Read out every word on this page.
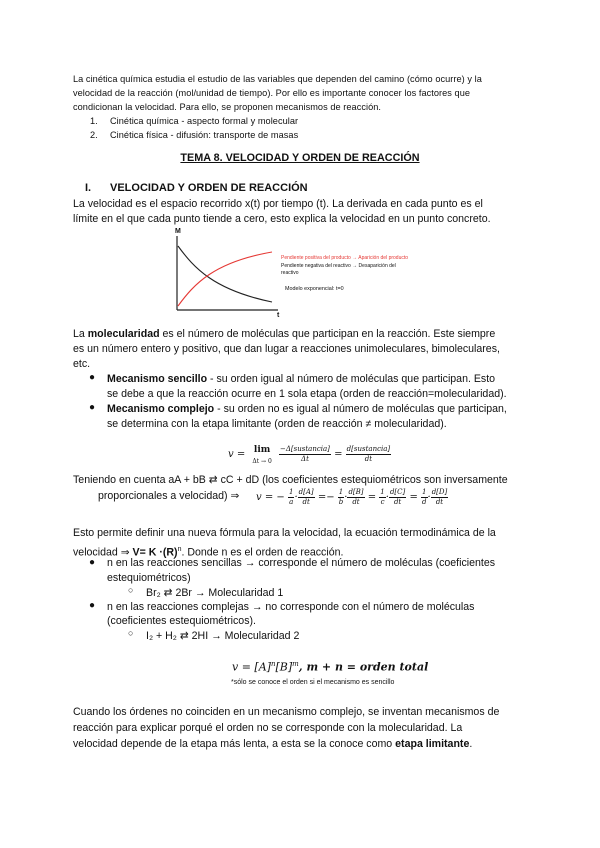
La cinética química estudia el estudio de las variables que dependen del camino (cómo ocurre) y la
velocidad de la reacción (mol/unidad de tiempo). Por ello es importante conocer los factores que
condicionan la velocidad. Para ello, se proponen mecanismos de reacción.
1. Cinética química - aspecto formal y molecular
2. Cinética física - difusión: transporte de masas
TEMA 8. VELOCIDAD Y ORDEN DE REACCIÓN
I. VELOCIDAD Y ORDEN DE REACCIÓN
La velocidad es el espacio recorrido x(t) por tiempo (t). La derivada en cada punto es el
límite en el que cada punto tiende a cero, esto explica la velocidad en un punto concreto.
M
t
Pendiente positiva del producto → Aparición del producto
Pendiente negativa del reactivo → Desaparición del
reactivo
Modelo exponencial: t=0
La molecularidad es el número de moléculas que participan en la reacción. Este siempre
es un número entero y positivo, que dan lugar a reacciones unimoleculares, bimoleculares,
etc.
● Mecanismo sencillo - su orden igual al número de moléculas que participan. Esto
se debe a que la reacción ocurre en 1 sola etapa (orden de reacción=molecularidad).
● Mecanismo complejo - su orden no es igual al número de moléculas que participan,
se determina con la etapa limitante (orden de reacción ≠ molecularidad).
v = lim
$\Delta t \to 0 \frac{\text{−Δ[sustancia]}}{\Delta t} = \frac{\text{d[sustancia]}}{dt}$
Teniendo en cuenta aA + bB ⇄ cC + dD (los coeficientes estequiométricos son inversamente
proporcionales a velocidad) ⇒ v = − $\frac{1}{a} \cdot \frac{d[A]}{dt} =- \frac{1}{b} \cdot \frac{d[B]}{dt} = \frac{1}{c} \cdot \frac{d[C]}{dt} = \frac{1}{d} \cdot \frac{d[D]}{dt}$
Esto permite definir una nueva fórmula para la velocidad, la ecuación termodinámica de la
velocidad ⇒ $V= K \cdot(R)^n$. Donde n es el orden de reacción.
● n en las reacciones sencillas → corresponde el número de moléculas (coeficientes
estequiométricos)
○ Br₂ ⇄ 2Br → Molecularidad 1
● n en las reacciones complejas → no corresponde con el número de moléculas
(coeficientes estequiométricos).
○ I₂ + H₂ ⇄ 2HI → Molecularidad 2
$v = [A]^n[B]^m$, m + n = orden total
*sólo se conoce el orden si el mecanismo es sencillo
Cuando los órdenes no coinciden en un mecanismo complejo, se inventan mecanismos de
reacción para explicar porqué el orden no se corresponde con la molecularidad. La
velocidad depende de la etapa más lenta, a esta se la conoce como etapa limitante.
